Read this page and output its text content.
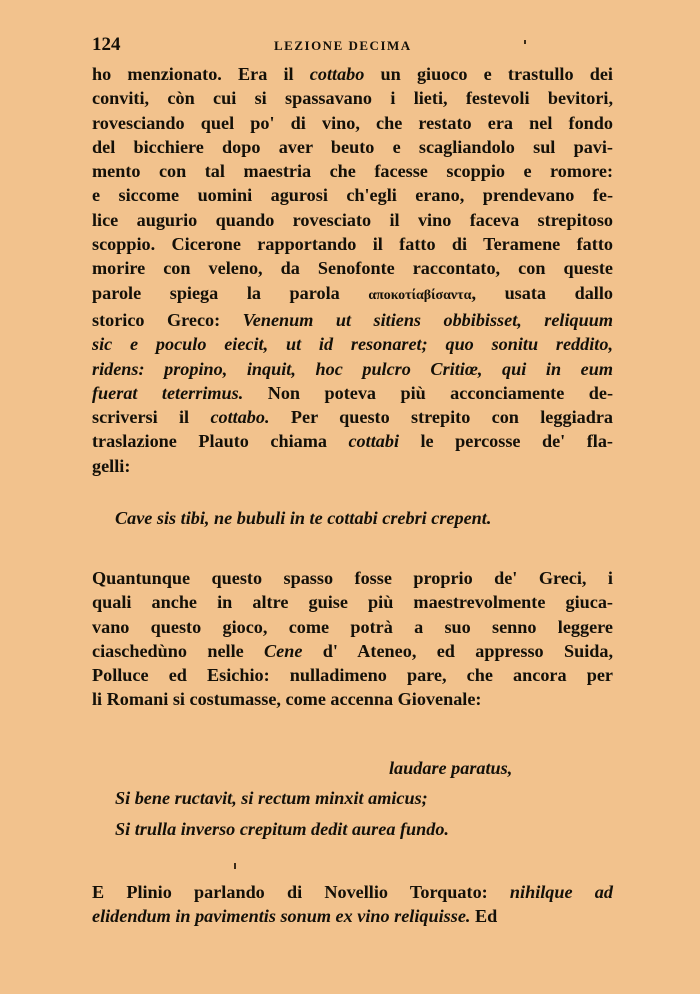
124	LEZIONE DECIMA
ho menzionato. Era il cottabo un giuoco e trastullo dei
conviti, còn cui si spassavano i lieti, festevoli bevitori,
rovesciando quel po' di vino, che restato era nel fondo
del bicchiere dopo aver beuto e scagliandolo sul pavi-
mento con tal maestria che facesse scoppio e romore:
e siccome uomini agurosi ch'egli erano, prendevano fe-
lice augurio quando rovesciato il vino faceva strepitoso
scoppio. Cicerone rapportando il fatto di Teramene fatto
morire con veleno, da Senofonte raccontato, con queste
parole spiega la parola αποκοτίαβίσαντα, usata dallo
storico Greco: Venenum ut sitiens obbibisset, reliquum
sic e poculo eiecit, ut id resonaret; quo sonitu reddito,
ridens: propino, inquit, hoc pulcro Critiœ, qui in eum
fuerat teterrimus. Non poteva più acconciamente de-
scriversi il cottabo. Per questo strepito con leggiadra
traslazione Plauto chiama cottabi le percosse de' fla-
gelli:
Cave sis tibi, ne bubuli in te cottabi crebri crepent.
Quantunque questo spasso fosse proprio de' Greci, i
quali anche in altre guise più maestrevolmente giuca-
vano questo gioco, come potrà a suo senno leggere
ciaschedùno nelle Cene d' Ateneo, ed appresso Suida,
Polluce ed Esichio: nulladimeno pare, che ancora per
li Romani si costumasse, come accenna Giovenale:
laudare paratus,
Si bene ructavit, si rectum minxit amicus;
Si trulla inverso crepitum dedit aurea fundo.
E Plinio parlando di Novellio Torquato: nihilque ad
elidendum in pavimentis sonum ex vino reliquisse. Ed
